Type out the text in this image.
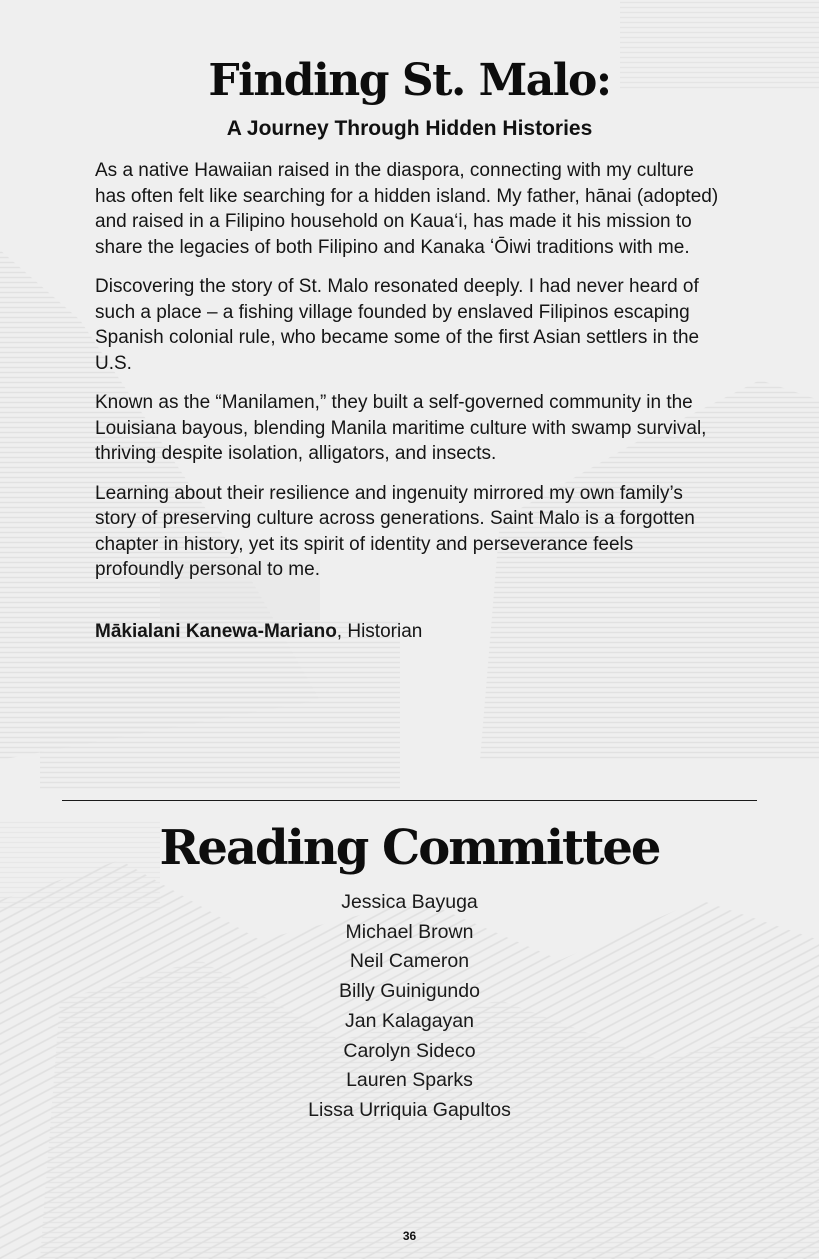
Finding St. Malo:
A Journey Through Hidden Histories

As a native Hawaiian raised in the diaspora, connecting with my culture has often felt like searching for a hidden island. My father, hānai (adopted) and raised in a Filipino household on Kaua‘i, has made it his mission to share the legacies of both Filipino and Kanaka ʻŌiwi traditions with me.

Discovering the story of St. Malo resonated deeply. I had never heard of such a place – a fishing village founded by enslaved Filipinos escaping Spanish colonial rule, who became some of the first Asian settlers in the U.S.

Known as the “Manilamen,” they built a self-governed community in the Louisiana bayous, blending Manila maritime culture with swamp survival, thriving despite isolation, alligators, and insects.

Learning about their resilience and ingenuity mirrored my own family’s story of preserving culture across generations. Saint Malo is a forgotten chapter in history, yet its spirit of identity and perseverance feels profoundly personal to me.

Mākialani Kanewa-Mariano, Historian

Reading Committee
Jessica Bayuga
Michael Brown
Neil Cameron
Billy Guinigundo
Jan Kalagayan
Carolyn Sideco
Lauren Sparks
Lissa Urriquia Gapultos
36
